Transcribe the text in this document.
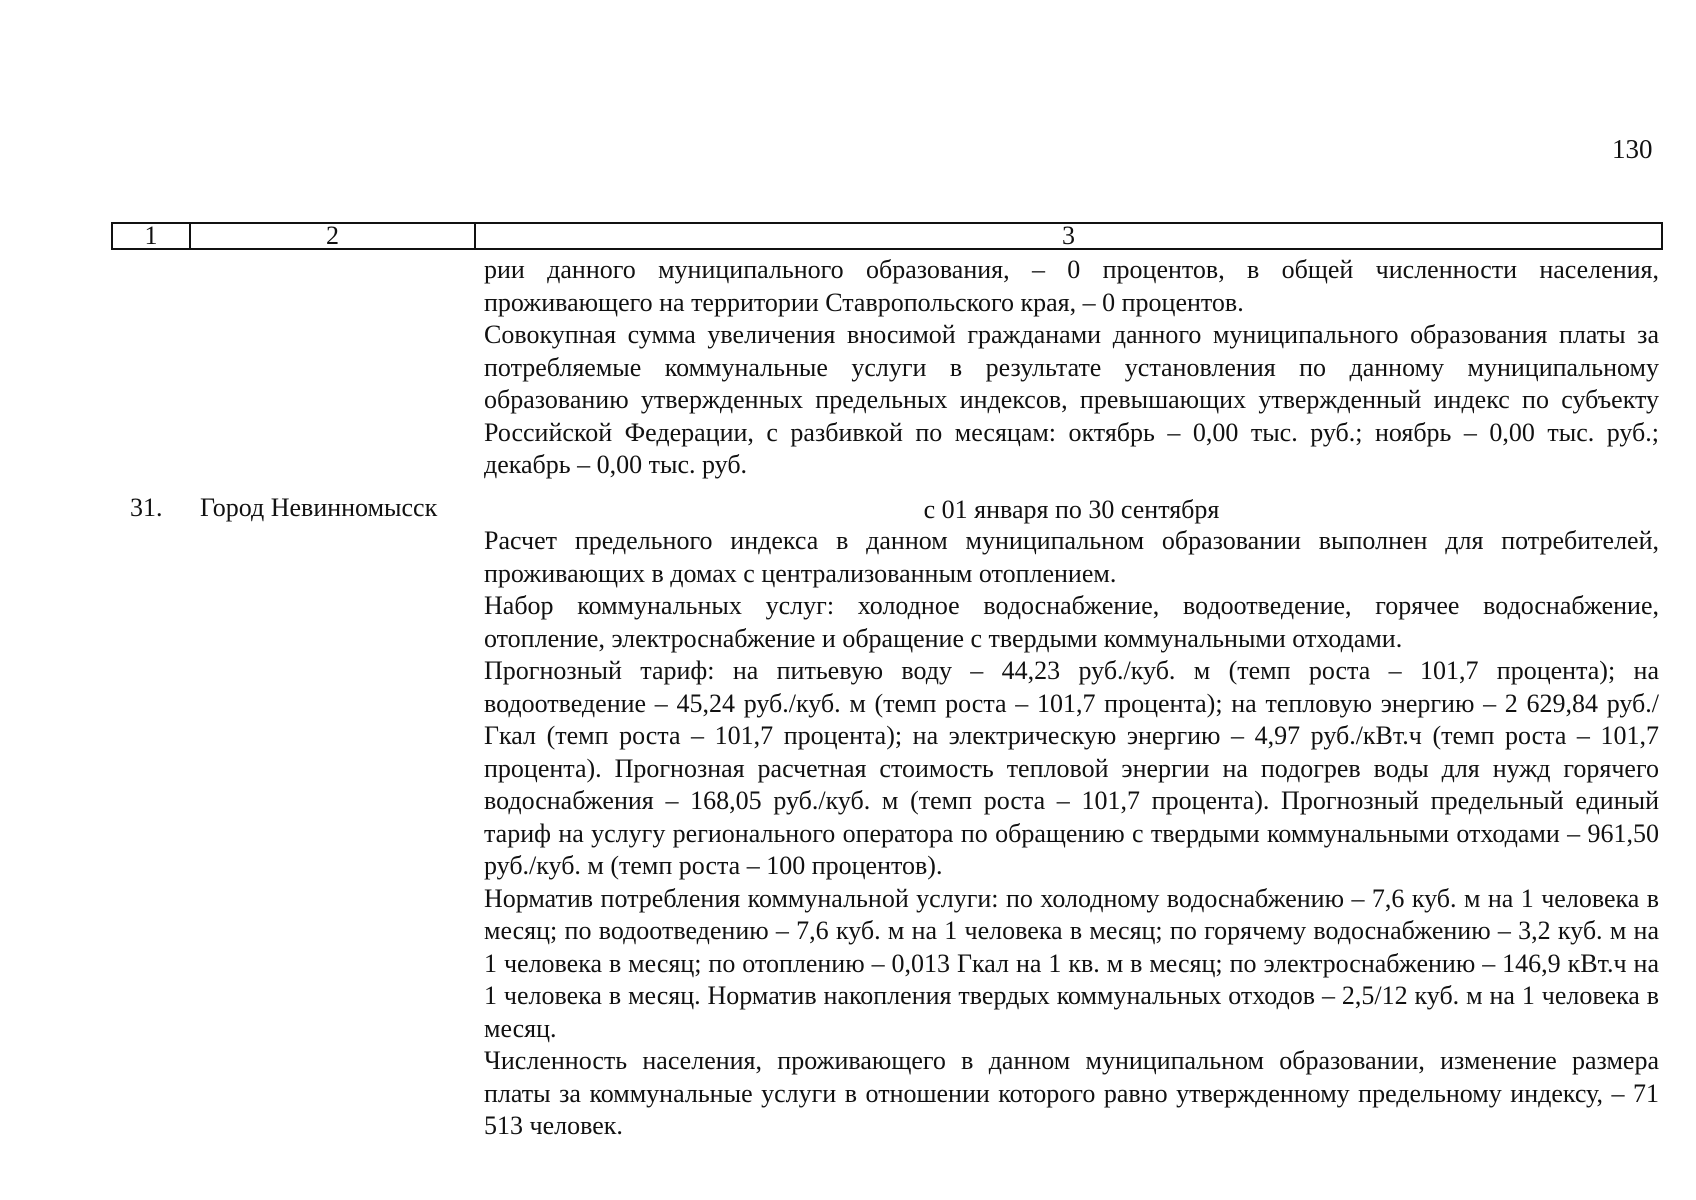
130
1	2	3

рии данного муниципального образования, – 0 процентов, в общей численности населения, проживающего на территории Ставропольского края, – 0 процентов.

Совокупная сумма увеличения вносимой гражданами данного муниципального образования платы за потребляемые коммунальные услуги в результате установления по данному муниципальному образованию утвержденных предельных индексов, превышающих утвержденный индекс по субъекту Российской Федерации, с разбивкой по месяцам: октябрь – 0,00 тыс. руб.; ноябрь – 0,00 тыс. руб.; декабрь – 0,00 тыс. руб.

31. Город Невинномысск	с 01 января по 30 сентября

Расчет предельного индекса в данном муниципальном образовании выполнен для потребителей, проживающих в домах с централизованным отоплением.

Набор коммунальных услуг: холодное водоснабжение, водоотведение, горячее водоснабжение, отопление, электроснабжение и обращение с твердыми коммунальными отходами.

Прогнозный тариф: на питьевую воду – 44,23 руб./куб. м (темп роста – 101,7 процента); на водоотведение – 45,24 руб./куб. м (темп роста – 101,7 процента); на тепловую энергию – 2 629,84 руб./Гкал (темп роста – 101,7 процента); на электрическую энергию – 4,97 руб./кВт.ч (темп роста – 101,7 процента). Прогнозная расчетная стоимость тепловой энергии на подогрев воды для нужд горячего водоснабжения – 168,05 руб./куб. м (темп роста – 101,7 процента). Прогнозный предельный единый тариф на услугу регионального оператора по обращению с твердыми коммунальными отходами – 961,50 руб./куб. м (темп роста – 100 процентов).

Норматив потребления коммунальной услуги: по холодному водоснабжению – 7,6 куб. м на 1 человека в месяц; по водоотведению – 7,6 куб. м на 1 человека в месяц; по горячему водоснабжению – 3,2 куб. м на 1 человека в месяц; по отоплению – 0,013 Гкал на 1 кв. м в месяц; по электроснабжению – 146,9 кВт.ч на 1 человека в месяц. Норматив накопления твердых коммунальных отходов – 2,5/12 куб. м на 1 человека в месяц.

Численность населения, проживающего в данном муниципальном образовании, изменение размера платы за коммунальные услуги в отношении которого равно утвержденному предельному индексу, – 71 513 человек.
